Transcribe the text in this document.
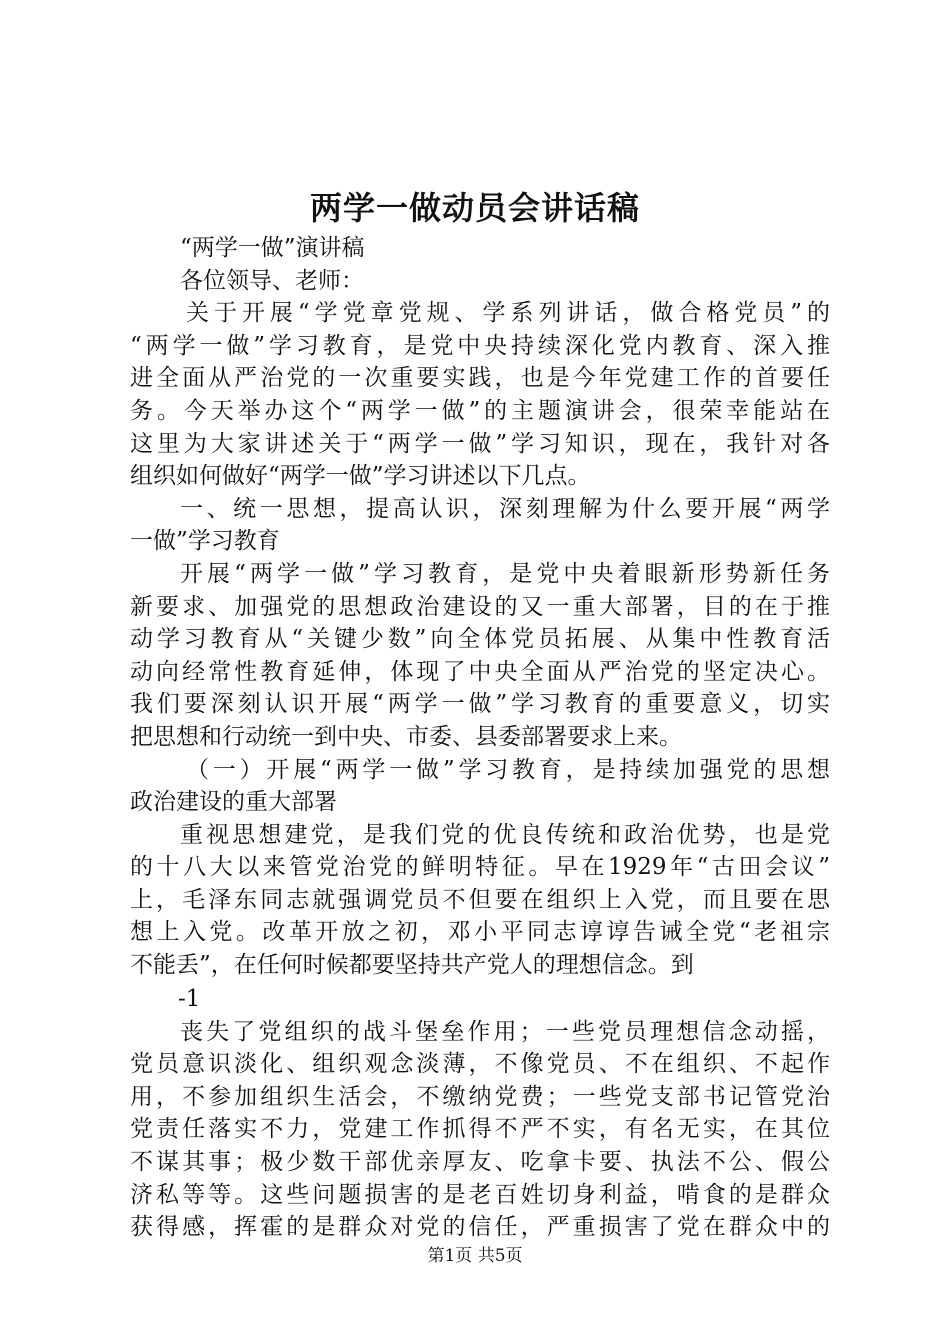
两学一做动员会讲话稿
“两学一做”演讲稿
各位领导、老师：
关于开展“学党章党规、学系列讲话，做合格党员”的
“两学一做”学习教育，是党中央持续深化党内教育、深入推
进全面从严治党的一次重要实践，也是今年党建工作的首要任
务。今天举办这个“两学一做”的主题演讲会，很荣幸能站在
这里为大家讲述关于“两学一做”学习知识，现在，我针对各
组织如何做好“两学一做”学习讲述以下几点。
一、统一思想，提高认识，深刻理解为什么要开展“两学
一做”学习教育
开展“两学一做”学习教育，是党中央着眼新形势新任务
新要求、加强党的思想政治建设的又一重大部署，目的在于推
动学习教育从“关键少数”向全体党员拓展、从集中性教育活
动向经常性教育延伸，体现了中央全面从严治党的坚定决心。
我们要深刻认识开展“两学一做”学习教育的重要意义，切实
把思想和行动统一到中央、市委、县委部署要求上来。
（一）开展“两学一做”学习教育，是持续加强党的思想
政治建设的重大部署
重视思想建党，是我们党的优良传统和政治优势，也是党
的十八大以来管党治党的鲜明特征。早在1929年“古田会议”
上，毛泽东同志就强调党员不但要在组织上入党，而且要在思
想上入党。改革开放之初，邓小平同志谆谆告诫全党“老祖宗
不能丢”，在任何时候都要坚持共产党人的理想信念。到
-1
丧失了党组织的战斗堡垒作用；一些党员理想信念动摇，
党员意识淡化、组织观念淡薄，不像党员、不在组织、不起作
用，不参加组织生活会，不缴纳党费；一些党支部书记管党治
党责任落实不力，党建工作抓得不严不实，有名无实，在其位
不谋其事；极少数干部优亲厚友、吃拿卡要、执法不公、假公
济私等等。这些问题损害的是老百姓切身利益，啃食的是群众
获得感，挥霍的是群众对党的信任，严重损害了党在群众中的
第1页 共5页
